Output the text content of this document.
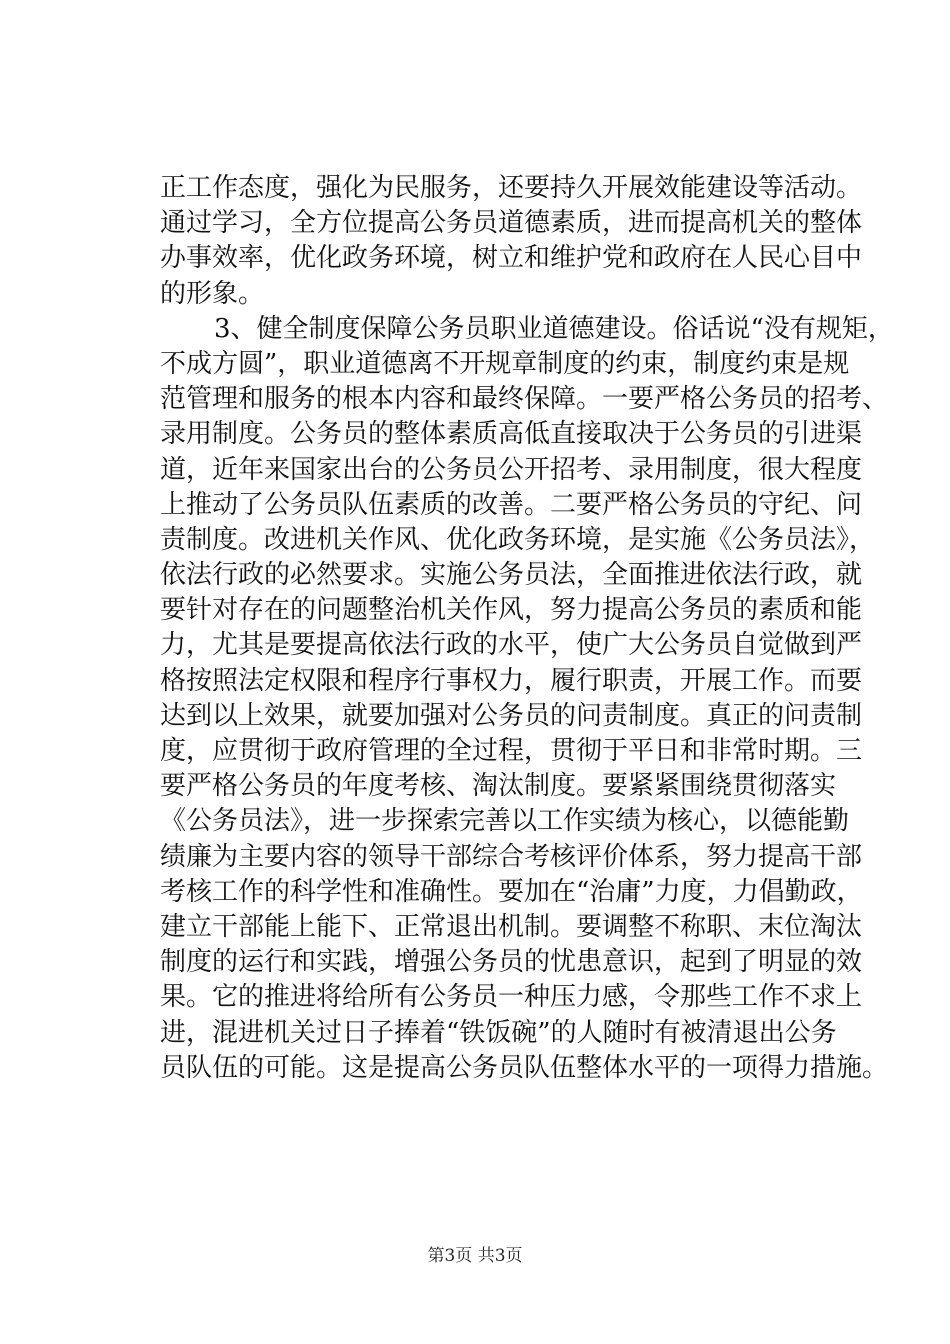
正工作态度，强化为民服务，还要持久开展效能建设等活动。
通过学习，全方位提高公务员道德素质，进而提高机关的整体
办事效率，优化政务环境，树立和维护党和政府在人民心目中
的形象。
3、健全制度保障公务员职业道德建设。俗话说“没有规矩，
不成方圆”，职业道德离不开规章制度的约束，制度约束是规
范管理和服务的根本内容和最终保障。一要严格公务员的招考、
录用制度。公务员的整体素质高低直接取决于公务员的引进渠
道，近年来国家出台的公务员公开招考、录用制度，很大程度
上推动了公务员队伍素质的改善。二要严格公务员的守纪、问
责制度。改进机关作风、优化政务环境，是实施《公务员法》，
依法行政的必然要求。实施公务员法，全面推进依法行政，就
要针对存在的问题整治机关作风，努力提高公务员的素质和能
力，尤其是要提高依法行政的水平，使广大公务员自觉做到严
格按照法定权限和程序行事权力，履行职责，开展工作。而要
达到以上效果，就要加强对公务员的问责制度。真正的问责制
度，应贯彻于政府管理的全过程，贯彻于平日和非常时期。三
要严格公务员的年度考核、淘汰制度。要紧紧围绕贯彻落实
《公务员法》，进一步探索完善以工作实绩为核心，以德能勤
绩廉为主要内容的领导干部综合考核评价体系，努力提高干部
考核工作的科学性和准确性。要加在“治庸”力度，力倡勤政，
建立干部能上能下、正常退出机制。要调整不称职、末位淘汰
制度的运行和实践，增强公务员的忧患意识，起到了明显的效
果。它的推进将给所有公务员一种压力感，令那些工作不求上
进，混进机关过日子捧着“铁饭碗”的人随时有被清退出公务
员队伍的可能。这是提高公务员队伍整体水平的一项得力措施。
第3页 共3页
